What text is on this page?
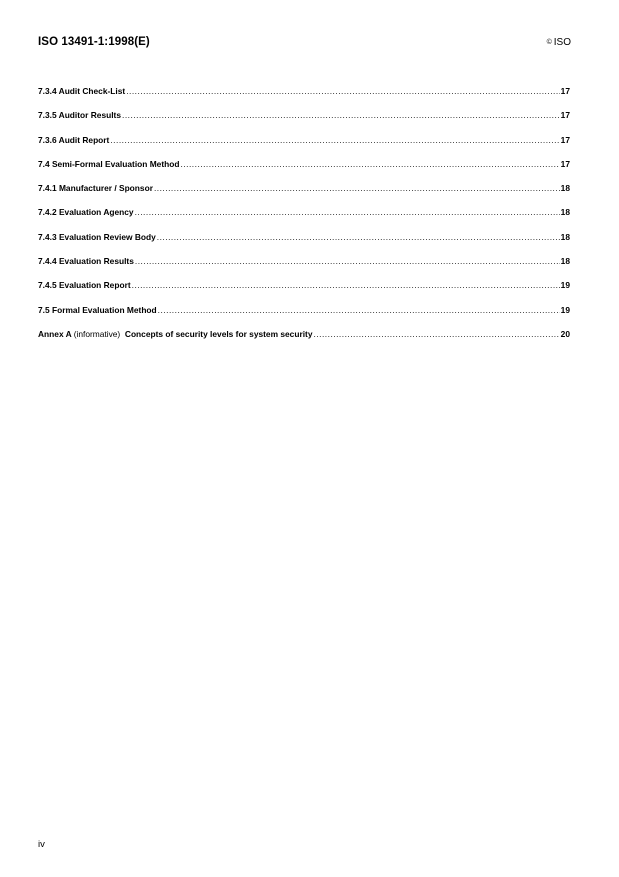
ISO 13491-1:1998(E)	© ISO
7.3.4 Audit Check-List .....	17
7.3.5 Auditor Results .....	17
7.3.6 Audit Report .....	17
7.4 Semi-Formal Evaluation Method .....	17
7.4.1 Manufacturer / Sponsor .....	18
7.4.2 Evaluation Agency .....	18
7.4.3 Evaluation Review Body .....	18
7.4.4 Evaluation Results .....	18
7.4.5 Evaluation Report .....	19
7.5 Formal Evaluation Method .....	19
Annex A (informative) Concepts of security levels for system security .....	20
iv
